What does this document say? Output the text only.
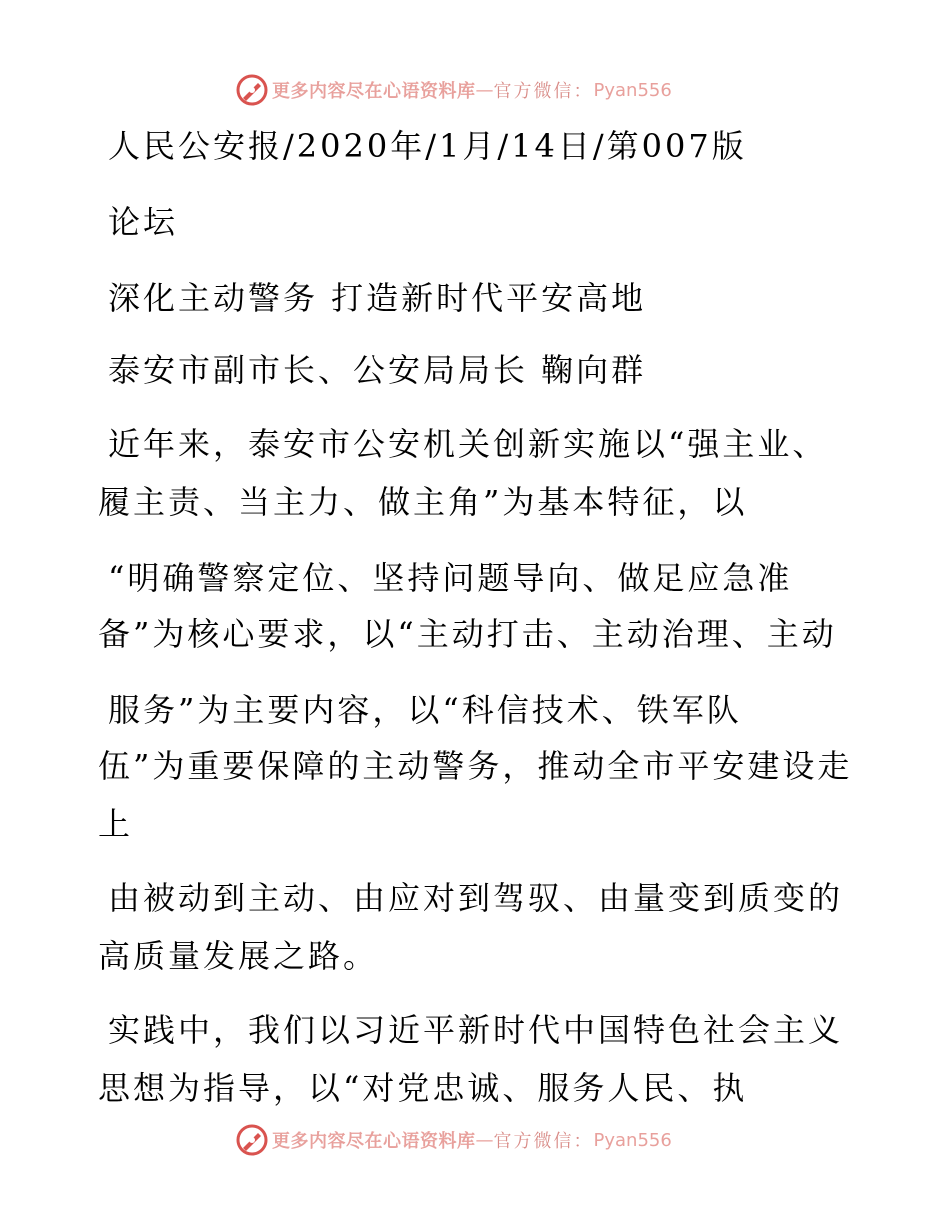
更多内容尽在心语资料库 — 官方微信： Pyan556
人民公安报/2020年/1月/14日/第007版
论坛
深化主动警务 打造新时代平安高地
泰安市副市长、公安局局长 鞠向群
近年来，泰安市公安机关创新实施以“强主业、
履主责、当主力、做主角”为基本特征，以
“明确警察定位、坚持问题导向、做足应急准
备”为核心要求，以“主动打击、主动治理、主动
服务”为主要内容，以“科信技术、铁军队
伍”为重要保障的主动警务，推动全市平安建设走
上
由被动到主动、由应对到驾驭、由量变到质变的
高质量发展之路。
实践中，我们以习近平新时代中国特色社会主义
思想为指导，以“对党忠诚、服务人民、执
更多内容尽在心语资料库 — 官方微信： Pyan556
